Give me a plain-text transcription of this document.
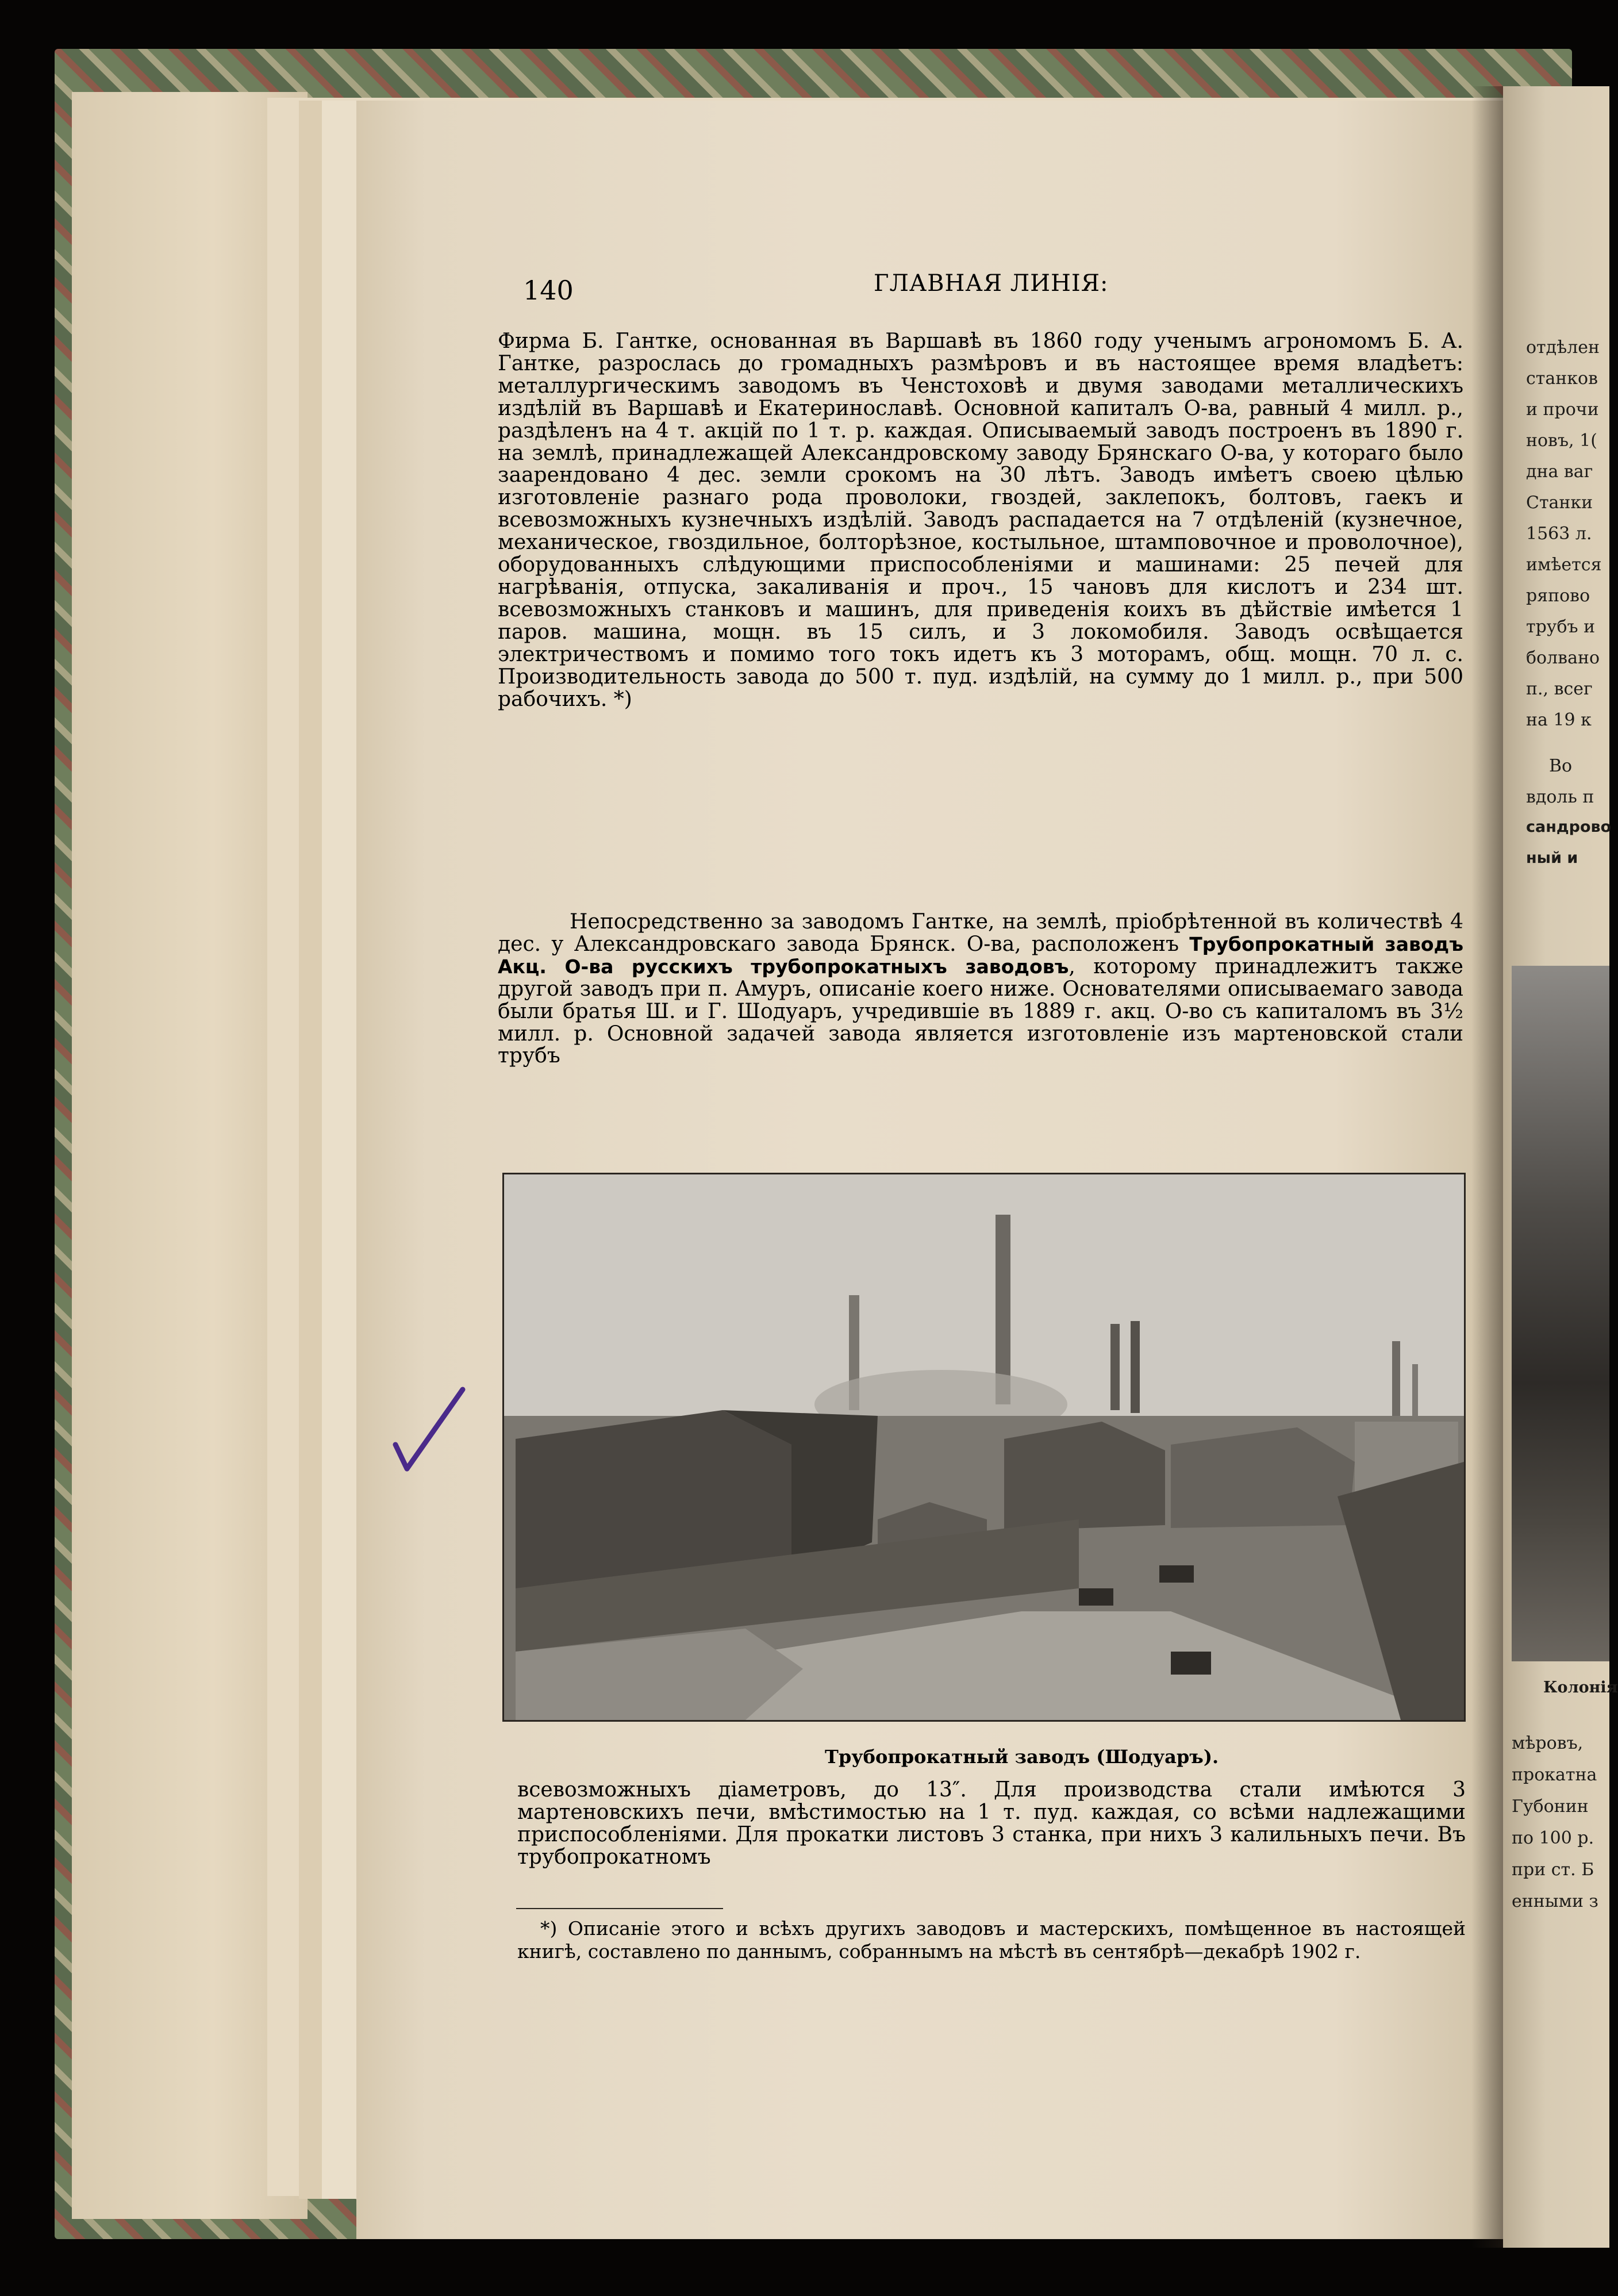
140	ГЛАВНАЯ ЛИНІЯ:
Фирма Б. Гантке, основанная въ Варшавѣ въ 1860 году ученымъ агрономомъ Б. А. Гантке, разрослась до громадныхъ размѣровъ и въ настоящее время владѣетъ: металлургическимъ заводомъ въ Ченстоховѣ и двумя заводами металлическихъ издѣлій въ Варшавѣ и Екатеринославѣ. Основной капиталъ О-ва, равный 4 милл. р., раздѣленъ на 4 т. акцій по 1 т. р. каждая. Описываемый заводъ построенъ въ 1890 г. на землѣ, принадлежащей Александровскому заводу Брянскаго О-ва, у котораго было заарендовано 4 дес. земли срокомъ на 30 лѣтъ. Заводъ имѣетъ своею цѣлью изготовленіе разнаго рода проволоки, гвоздей, заклепокъ, болтовъ, гаекъ и всевозможныхъ кузнечныхъ издѣлій. Заводъ распадается на 7 отдѣленій (кузнечное, механическое, гвоздильное, болторѣзное, костыльное, штамповочное и проволочное), оборудованныхъ слѣдующими приспособленіями и машинами: 25 печей для нагрѣванія, отпуска, закаливанія и проч., 15 чановъ для кислотъ и 234 шт. всевозможныхъ станковъ и машинъ, для приведенія коихъ въ дѣйствіе имѣется 1 паров. машина, мощн. въ 15 силъ, и 3 локомобиля. Заводъ освѣщается электричествомъ и помимо того токъ идетъ къ 3 моторамъ, общ. мощн. 70 л. с. Производительность завода до 500 т. пуд. издѣлій, на сумму до 1 милл. р., при 500 рабочихъ. *)
Непосредственно за заводомъ Гантке, на землѣ, пріобрѣтенной въ количествѣ 4 дес. у Александровскаго завода Брянск. О-ва, расположенъ Трубопрокатный заводъ Акц. О-ва русскихъ трубопрокатныхъ заводовъ, которому принадлежитъ также другой заводъ при п. Амуръ, описаніе коего ниже. Основателями описываемаго завода были братья Ш. и Г. Шодуаръ, учредившіе въ 1889 г. акц. О-во съ капиталомъ въ 3½ милл. р. Основной задачей завода является изготовленіе изъ мартеновской стали трубъ
Трубопрокатный заводъ (Шодуаръ).
всевозможныхъ діаметровъ, до 13″. Для производства стали имѣются 3 мартеновскихъ печи, вмѣстимостью на 1 т. пуд. каждая, со всѣми надлежащими приспособленіями. Для прокатки листовъ 3 станка, при нихъ 3 калильныхъ печи. Въ трубопрокатномъ
*) Описаніе этого и всѣхъ другихъ заводовъ и мастерскихъ, помѣщенное въ настоящей книгѣ, составлено по даннымъ, собраннымъ на мѣстѣ въ сентябрѣ—декабрѣ 1902 г.
отдѣлен
станков
и прочи
новъ, 1(
дна ваг
Станки
1563 л.
имѣется
ряпово
трубъ и
болвано
п., всег
на 19 к
Во
вдоль п
сандрово
ный и
Колонія
мѣровъ,
прокатна
Губонин
по 100 р.
при ст. Б
енными з
